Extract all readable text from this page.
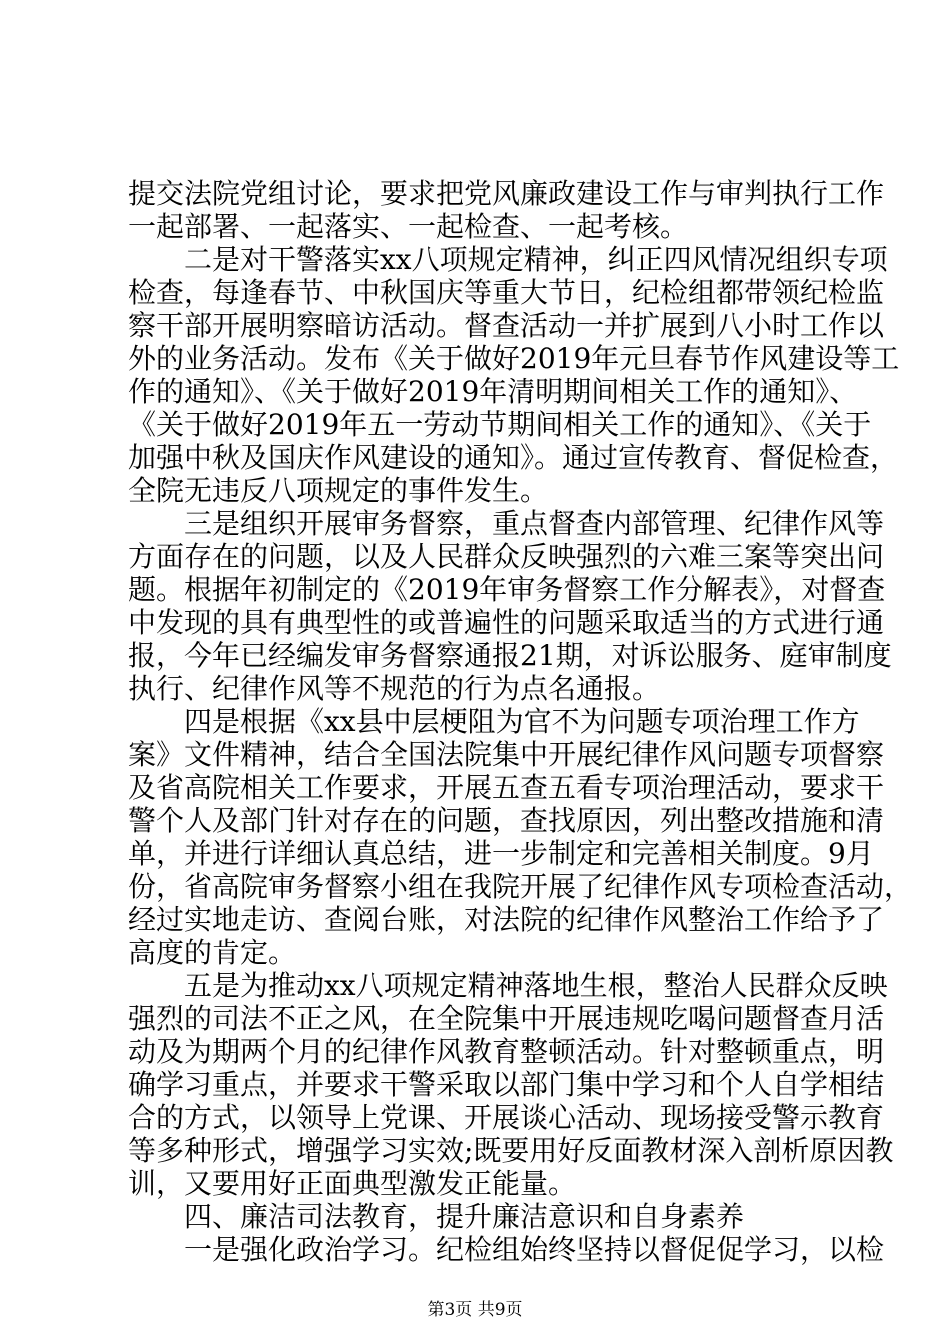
提交法院党组讨论，要求把党风廉政建设工作与审判执行工作
一起部署、一起落实、一起检查、一起考核。
　　二是对干警落实xx八项规定精神，纠正四风情况组织专项
检查，每逢春节、中秋国庆等重大节日，纪检组都带领纪检监
察干部开展明察暗访活动。督查活动一并扩展到八小时工作以
外的业务活动。发布《关于做好2019年元旦春节作风建设等工
作的通知》、《关于做好2019年清明期间相关工作的通知》、
《关于做好2019年五一劳动节期间相关工作的通知》、《关于
加强中秋及国庆作风建设的通知》。通过宣传教育、督促检查，
全院无违反八项规定的事件发生。
　　三是组织开展审务督察，重点督查内部管理、纪律作风等
方面存在的问题，以及人民群众反映强烈的六难三案等突出问
题。根据年初制定的《2019年审务督察工作分解表》，对督查
中发现的具有典型性的或普遍性的问题采取适当的方式进行通
报，今年已经编发审务督察通报21期，对诉讼服务、庭审制度
执行、纪律作风等不规范的行为点名通报。
　　四是根据《xx县中层梗阻为官不为问题专项治理工作方
案》文件精神，结合全国法院集中开展纪律作风问题专项督察
及省高院相关工作要求，开展五查五看专项治理活动，要求干
警个人及部门针对存在的问题，查找原因，列出整改措施和清
单，并进行详细认真总结，进一步制定和完善相关制度。9月
份，省高院审务督察小组在我院开展了纪律作风专项检查活动，
经过实地走访、查阅台账，对法院的纪律作风整治工作给予了
高度的肯定。
　　五是为推动xx八项规定精神落地生根，整治人民群众反映
强烈的司法不正之风，在全院集中开展违规吃喝问题督查月活
动及为期两个月的纪律作风教育整顿活动。针对整顿重点，明
确学习重点，并要求干警采取以部门集中学习和个人自学相结
合的方式，以领导上党课、开展谈心活动、现场接受警示教育
等多种形式，增强学习实效;既要用好反面教材深入剖析原因教
训，又要用好正面典型激发正能量。
　　四、廉洁司法教育，提升廉洁意识和自身素养
　　一是强化政治学习。纪检组始终坚持以督促促学习，以检
第3页 共9页
